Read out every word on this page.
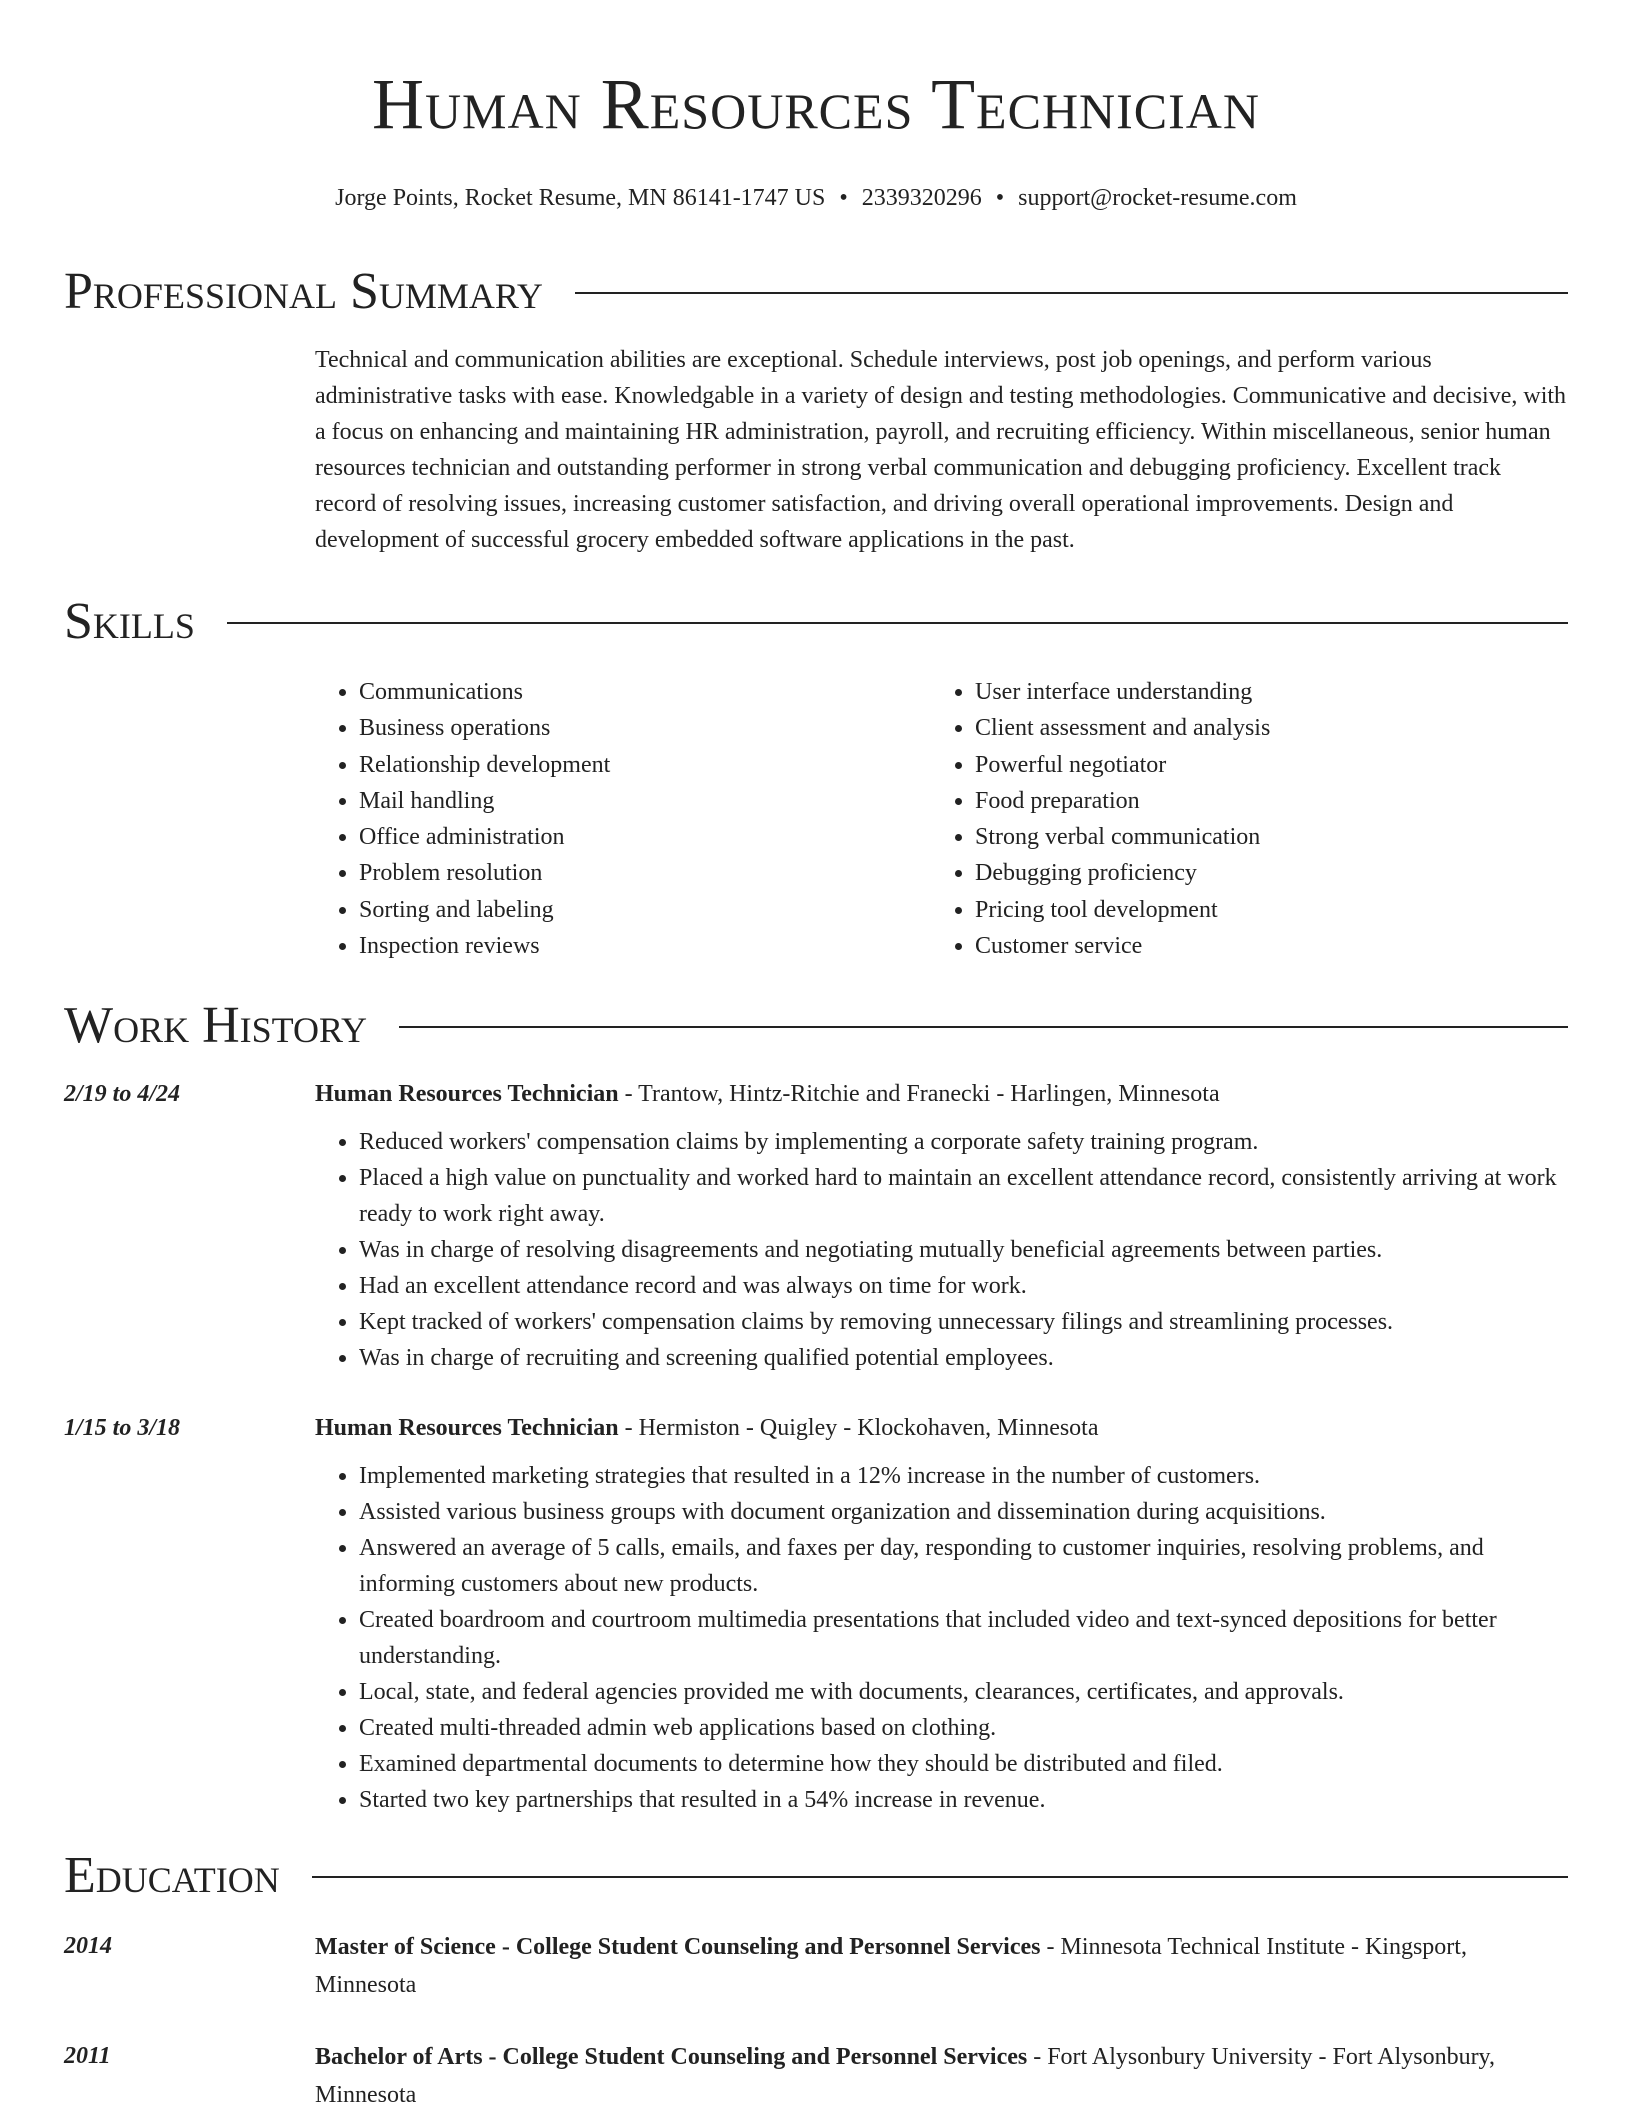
Human Resources Technician
Jorge Points, Rocket Resume, MN 86141-1747 US • 2339320296 • support@rocket-resume.com
Professional Summary
Technical and communication abilities are exceptional. Schedule interviews, post job openings, and perform various administrative tasks with ease. Knowledgable in a variety of design and testing methodologies. Communicative and decisive, with a focus on enhancing and maintaining HR administration, payroll, and recruiting efficiency. Within miscellaneous, senior human resources technician and outstanding performer in strong verbal communication and debugging proficiency. Excellent track record of resolving issues, increasing customer satisfaction, and driving overall operational improvements. Design and development of successful grocery embedded software applications in the past.
Skills
• Communications
• Business operations
• Relationship development
• Mail handling
• Office administration
• Problem resolution
• Sorting and labeling
• Inspection reviews
• User interface understanding
• Client assessment and analysis
• Powerful negotiator
• Food preparation
• Strong verbal communication
• Debugging proficiency
• Pricing tool development
• Customer service
Work History
2/19 to 4/24	Human Resources Technician - Trantow, Hintz-Ritchie and Franecki - Harlingen, Minnesota
• Reduced workers' compensation claims by implementing a corporate safety training program.
• Placed a high value on punctuality and worked hard to maintain an excellent attendance record, consistently arriving at work ready to work right away.
• Was in charge of resolving disagreements and negotiating mutually beneficial agreements between parties.
• Had an excellent attendance record and was always on time for work.
• Kept tracked of workers' compensation claims by removing unnecessary filings and streamlining processes.
• Was in charge of recruiting and screening qualified potential employees.
1/15 to 3/18	Human Resources Technician - Hermiston - Quigley - Klockohaven, Minnesota
• Implemented marketing strategies that resulted in a 12% increase in the number of customers.
• Assisted various business groups with document organization and dissemination during acquisitions.
• Answered an average of 5 calls, emails, and faxes per day, responding to customer inquiries, resolving problems, and informing customers about new products.
• Created boardroom and courtroom multimedia presentations that included video and text-synced depositions for better understanding.
• Local, state, and federal agencies provided me with documents, clearances, certificates, and approvals.
• Created multi-threaded admin web applications based on clothing.
• Examined departmental documents to determine how they should be distributed and filed.
• Started two key partnerships that resulted in a 54% increase in revenue.
Education
2014	Master of Science - College Student Counseling and Personnel Services - Minnesota Technical Institute - Kingsport, Minnesota
2011	Bachelor of Arts - College Student Counseling and Personnel Services - Fort Alysonbury University - Fort Alysonbury, Minnesota
